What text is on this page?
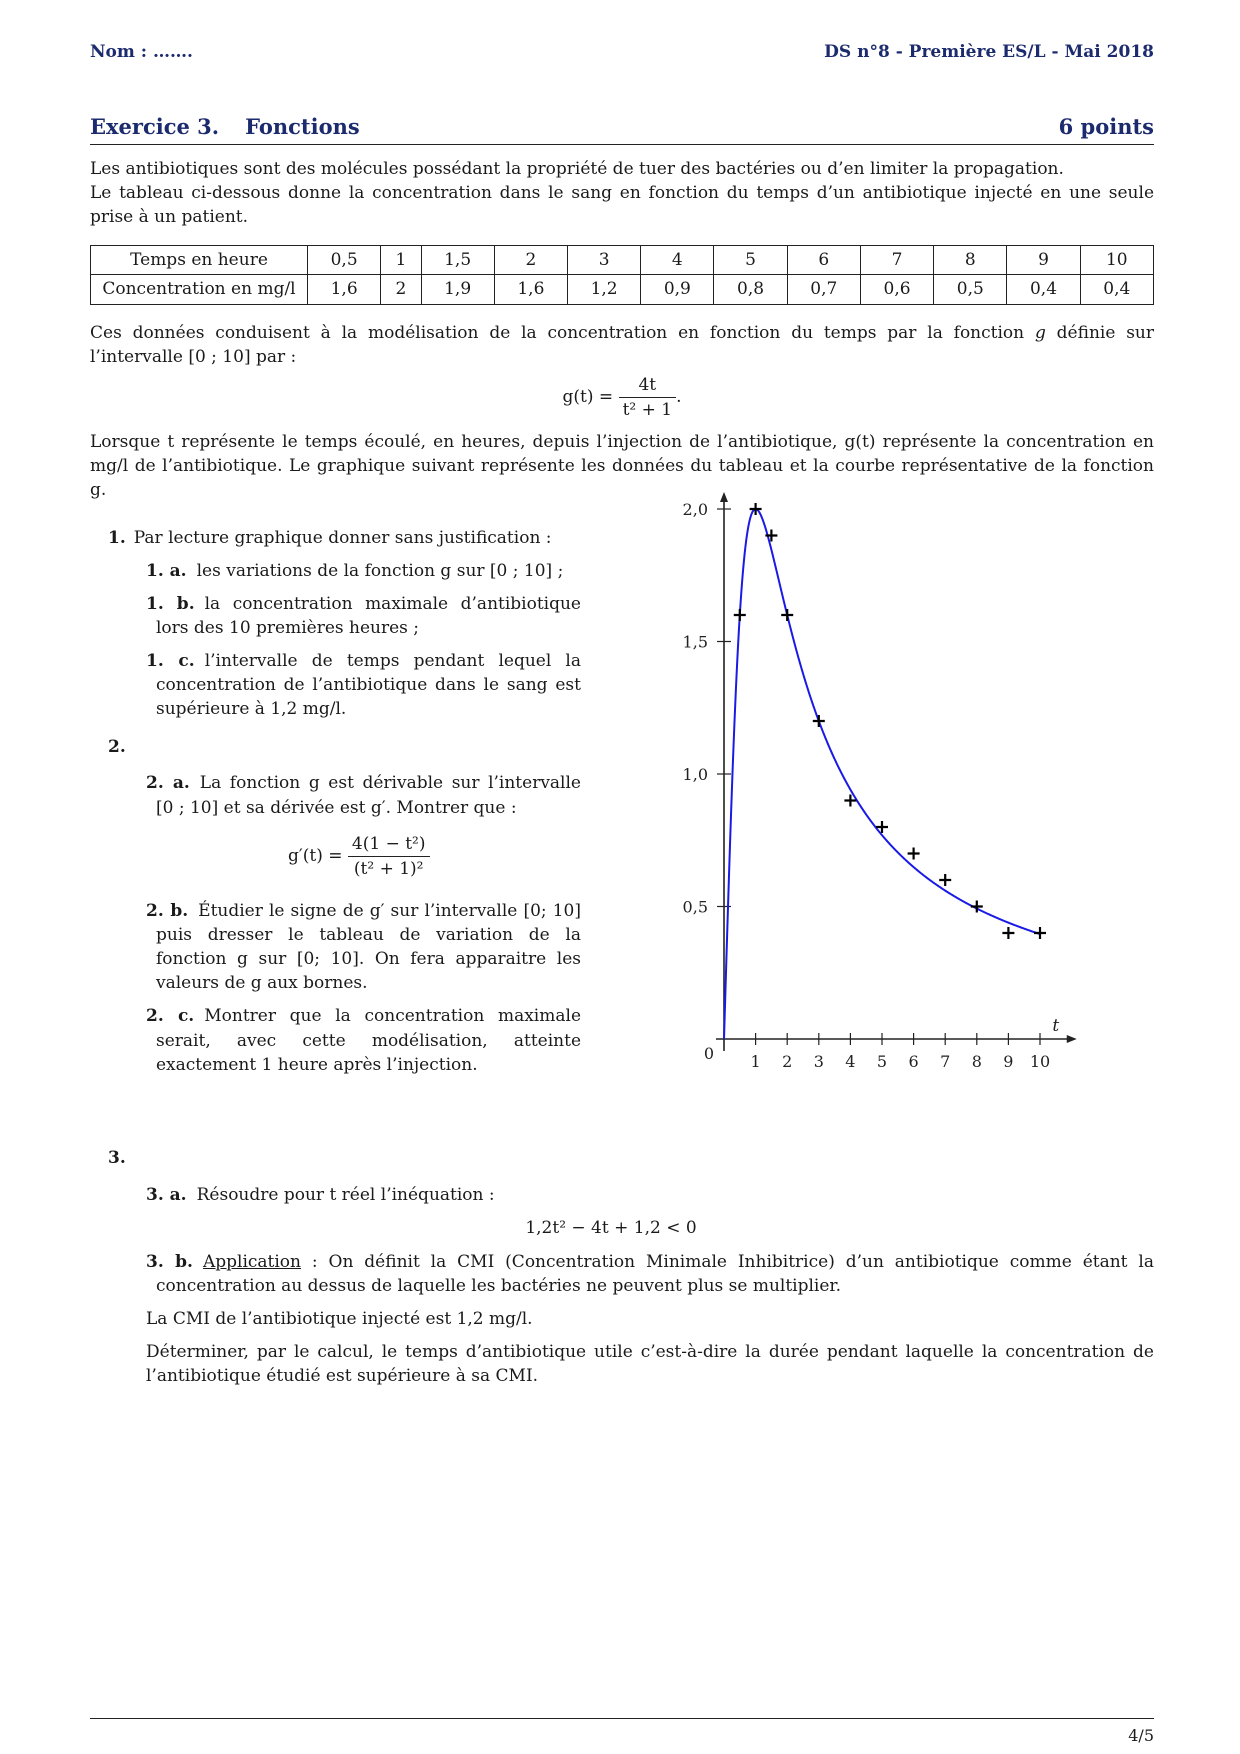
Nom : …….	DS n°8 - Première ES/L - Mai 2018
Exercice 3. Fonctions	6 points

Les antibiotiques sont des molécules possédant la propriété de tuer des bactéries ou d’en limiter la propagation.

Le tableau ci-dessous donne la concentration dans le sang en fonction du temps d’un antibiotique injecté en une seule prise à un patient.

Temps en heure	0,5	1	1,5	2	3	4	5	6	7	8	9	10
Concentration en mg/l	1,6	2	1,9	1,6	1,2	0,9	0,8	0,7	0,6	0,5	0,4	0,4

Ces données conduisent à la modélisation de la concentration en fonction du temps par la fonction g définie sur l’intervalle [0 ; 10] par :

$g(t) = \frac{4t}{\text{t² + 1}}$ .

Lorsque t représente le temps écoulé, en heures, depuis l’injection de l’antibiotique, g(t) représente la concentration en mg/l de l’antibiotique. Le graphique suivant représente les données du tableau et la courbe représentative de la fonction g.

1. Par lecture graphique donner sans justification :
1. a. les variations de la fonction g sur [0 ; 10] ;
1. b. la concentration maximale d’antibiotique lors des 10 premières heures ;
1. c. l’intervalle de temps pendant lequel la concentration de l’antibiotique dans le sang est supérieure à 1,2 mg/l.
2.
2. a. La fonction g est dérivable sur l’intervalle [0 ; 10] et sa dérivée est g′. Montrer que :
$g'(t) = \frac{\text{4(1 − t²)}}{\text{(t² + 1)²}}$
2. b. Étudier le signe de g′ sur l’intervalle [0; 10] puis dresser le tableau de variation de la fonction g sur [0; 10]. On fera apparaitre les valeurs de g aux bornes.
2. c. Montrer que la concentration maximale serait, avec cette modélisation, atteinte exactement 1 heure après l’injection.	1 2 3 4 5 6 7 8 9 10
0,5
1,0
1,5
2,0
0
t
3.
3. a. Résoudre pour t réel l’inéquation :
1,2t² − 4t + 1,2 < 0
3. b. Application : On définit la CMI (Concentration Minimale Inhibitrice) d’un antibiotique comme étant la concentration au dessus de laquelle les bactéries ne peuvent plus se multiplier.
La CMI de l’antibiotique injecté est 1,2 mg/l.
Déterminer, par le calcul, le temps d’antibiotique utile c’est-à-dire la durée pendant laquelle la concentration de l’antibiotique étudié est supérieure à sa CMI.
4/5
